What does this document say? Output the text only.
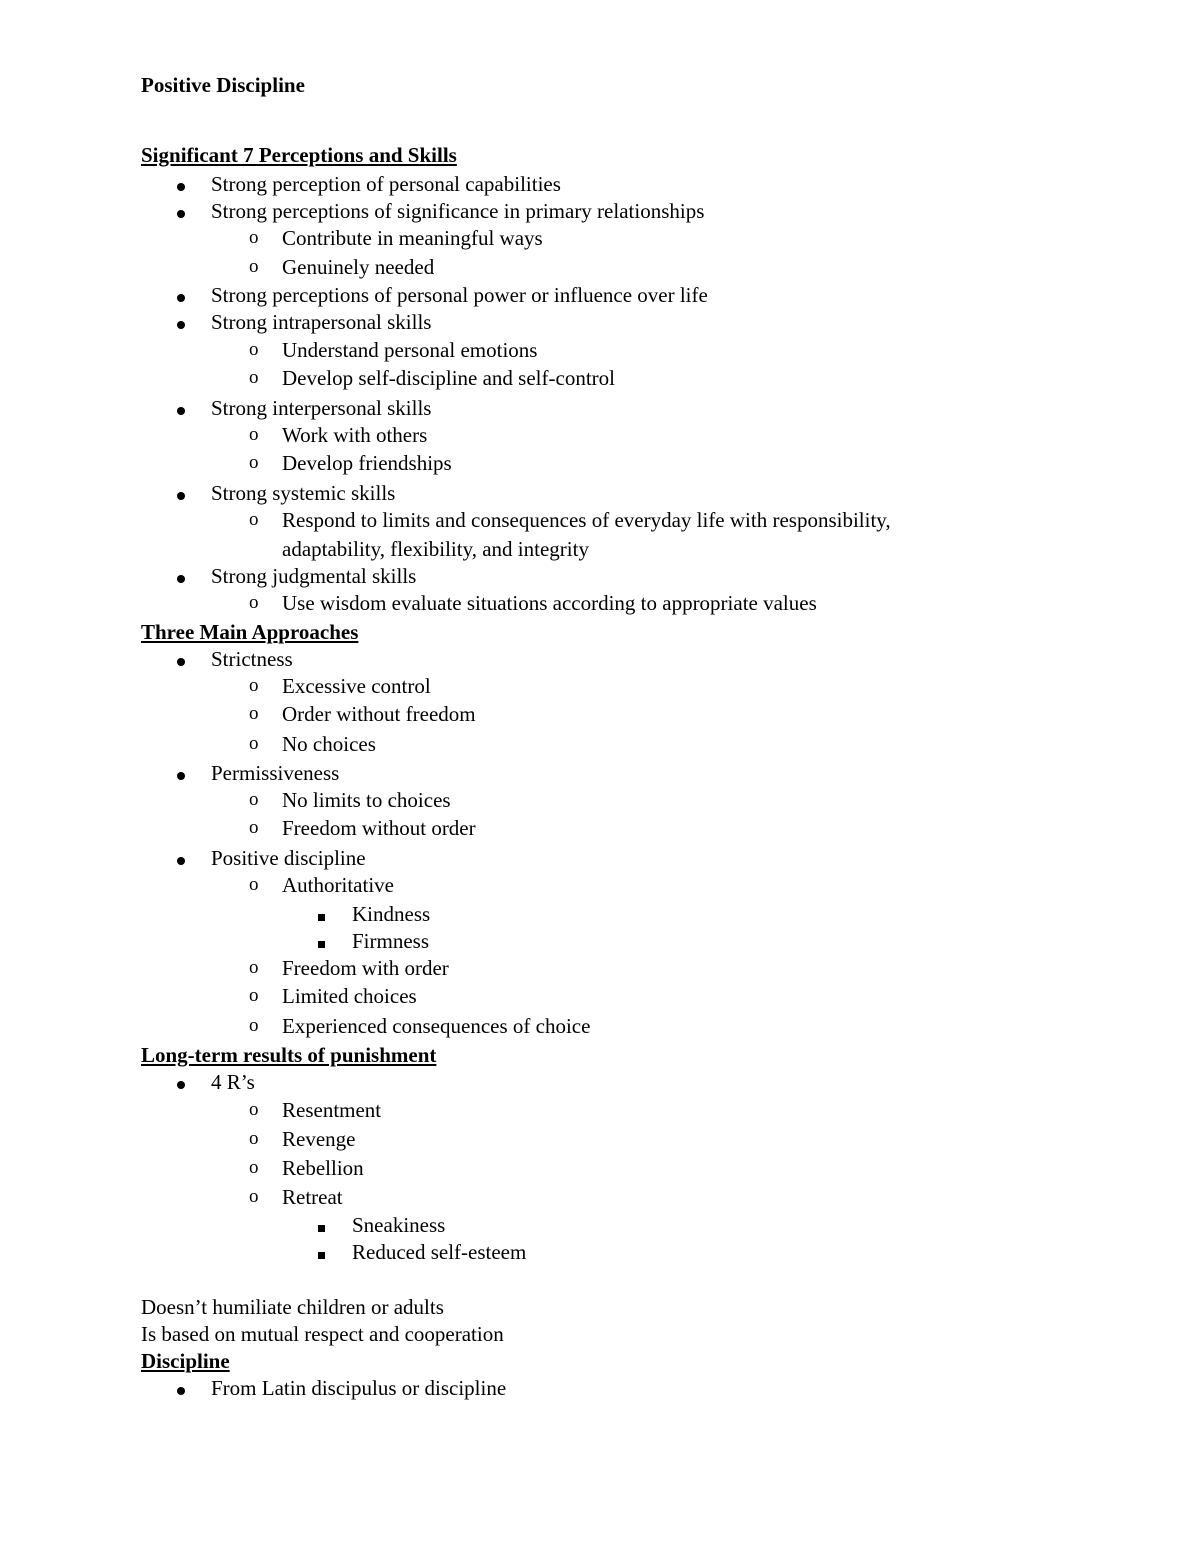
Positive Discipline
Significant 7 Perceptions and Skills
Strong perception of personal capabilities
Strong perceptions of significance in primary relationships
o Contribute in meaningful ways
o Genuinely needed
Strong perceptions of personal power or influence over life
Strong intrapersonal skills
o Understand personal emotions
o Develop self-discipline and self-control
Strong interpersonal skills
o Work with others
o Develop friendships
Strong systemic skills
o Respond to limits and consequences of everyday life with responsibility,
adaptability, flexibility, and integrity
Strong judgmental skills
o Use wisdom evaluate situations according to appropriate values
Three Main Approaches
Strictness
o Excessive control
o Order without freedom
o No choices
Permissiveness
o No limits to choices
o Freedom without order
Positive discipline
o Authoritative
Kindness
Firmness
o Freedom with order
o Limited choices
o Experienced consequences of choice
Long-term results of punishment
4 R’s
o Resentment
o Revenge
o Rebellion
o Retreat
Sneakiness
Reduced self-esteem
Doesn’t humiliate children or adults
Is based on mutual respect and cooperation
Discipline
From Latin discipulus or discipline
